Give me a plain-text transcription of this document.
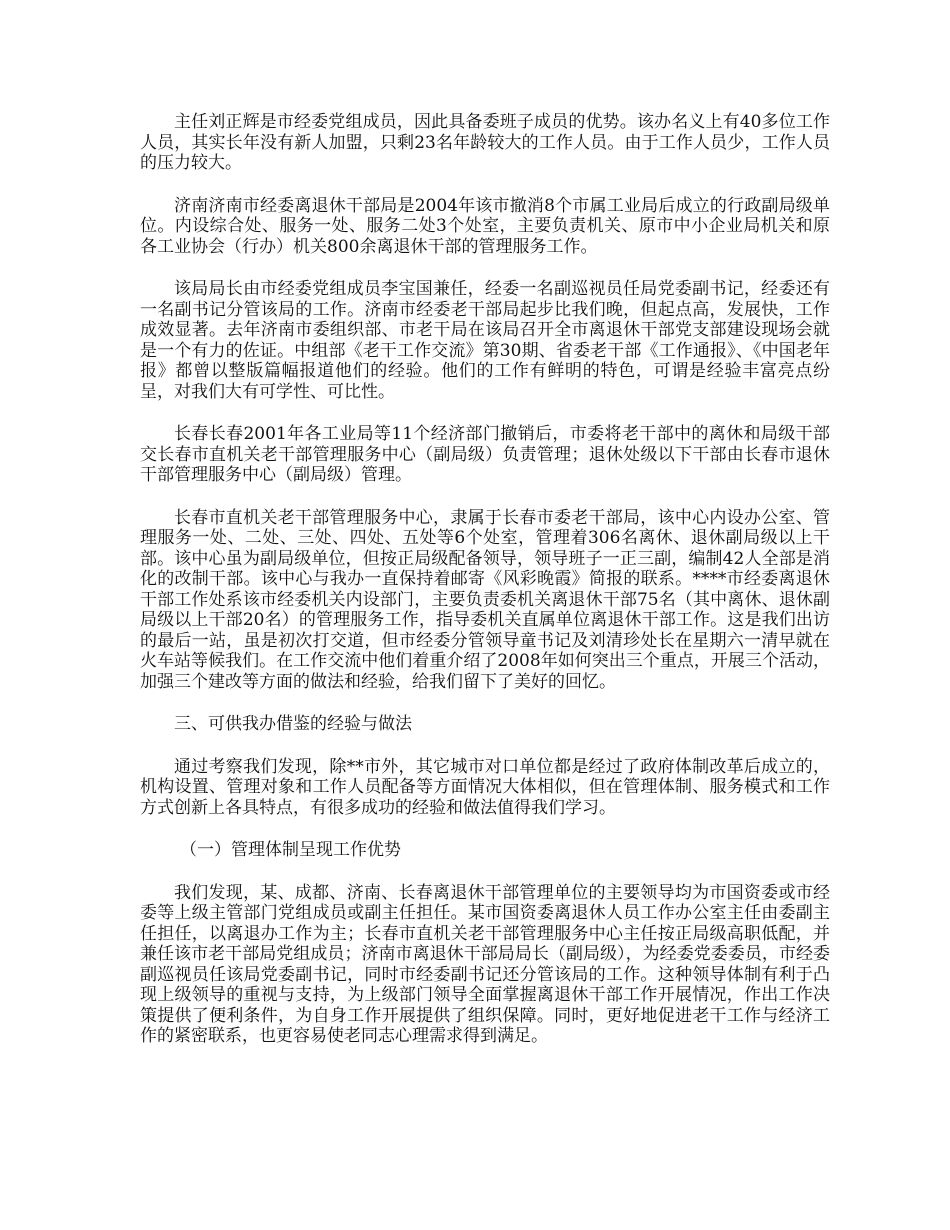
主任刘正辉是市经委党组成员，因此具备委班子成员的优势。该办名义上有40多位工作人员，其实长年没有新人加盟，只剩23名年龄较大的工作人员。由于工作人员少，工作人员的压力较大。

济南济南市经委离退休干部局是2004年该市撤消8个市属工业局后成立的行政副局级单位。内设综合处、服务一处、服务二处3个处室，主要负责机关、原市中小企业局机关和原各工业协会（行办）机关800余离退休干部的管理服务工作。

该局局长由市经委党组成员李宝国兼任，经委一名副巡视员任局党委副书记，经委还有一名副书记分管该局的工作。济南市经委老干部局起步比我们晚，但起点高，发展快，工作成效显著。去年济南市委组织部、市老干局在该局召开全市离退休干部党支部建设现场会就是一个有力的佐证。中组部《老干工作交流》第30期、省委老干部《工作通报》、《中国老年报》都曾以整版篇幅报道他们的经验。他们的工作有鲜明的特色，可谓是经验丰富亮点纷呈，对我们大有可学性、可比性。

长春长春2001年各工业局等11个经济部门撤销后，市委将老干部中的离休和局级干部交长春市直机关老干部管理服务中心（副局级）负责管理；退休处级以下干部由长春市退休干部管理服务中心（副局级）管理。

长春市直机关老干部管理服务中心，隶属于长春市委老干部局，该中心内设办公室、管理服务一处、二处、三处、四处、五处等6个处室，管理着306名离休、退休副局级以上干部。该中心虽为副局级单位，但按正局级配备领导，领导班子一正三副，编制42人全部是消化的改制干部。该中心与我办一直保持着邮寄《风彩晚霞》简报的联系。****市经委离退休干部工作处系该市经委机关内设部门，主要负责委机关离退休干部75名（其中离休、退休副局级以上干部20名）的管理服务工作，指导委机关直属单位离退休干部工作。这是我们出访的最后一站，虽是初次打交道，但市经委分管领导童书记及刘清珍处长在星期六一清早就在火车站等候我们。在工作交流中他们着重介绍了2008年如何突出三个重点，开展三个活动，加强三个建改等方面的做法和经验，给我们留下了美好的回忆。

三、可供我办借鉴的经验与做法

通过考察我们发现，除**市外，其它城市对口单位都是经过了政府体制改革后成立的，机构设置、管理对象和工作人员配备等方面情况大体相似，但在管理体制、服务模式和工作方式创新上各具特点，有很多成功的经验和做法值得我们学习。

（一）管理体制呈现工作优势

我们发现，某、成都、济南、长春离退休干部管理单位的主要领导均为市国资委或市经委等上级主管部门党组成员或副主任担任。某市国资委离退休人员工作办公室主任由委副主任担任，以离退办工作为主；长春市直机关老干部管理服务中心主任按正局级高职低配，并兼任该市老干部局党组成员；济南市离退休干部局局长（副局级），为经委党委委员，市经委副巡视员任该局党委副书记，同时市经委副书记还分管该局的工作。这种领导体制有利于凸现上级领导的重视与支持，为上级部门领导全面掌握离退休干部工作开展情况，作出工作决策提供了便利条件，为自身工作开展提供了组织保障。同时，更好地促进老干工作与经济工作的紧密联系，也更容易使老同志心理需求得到满足。
